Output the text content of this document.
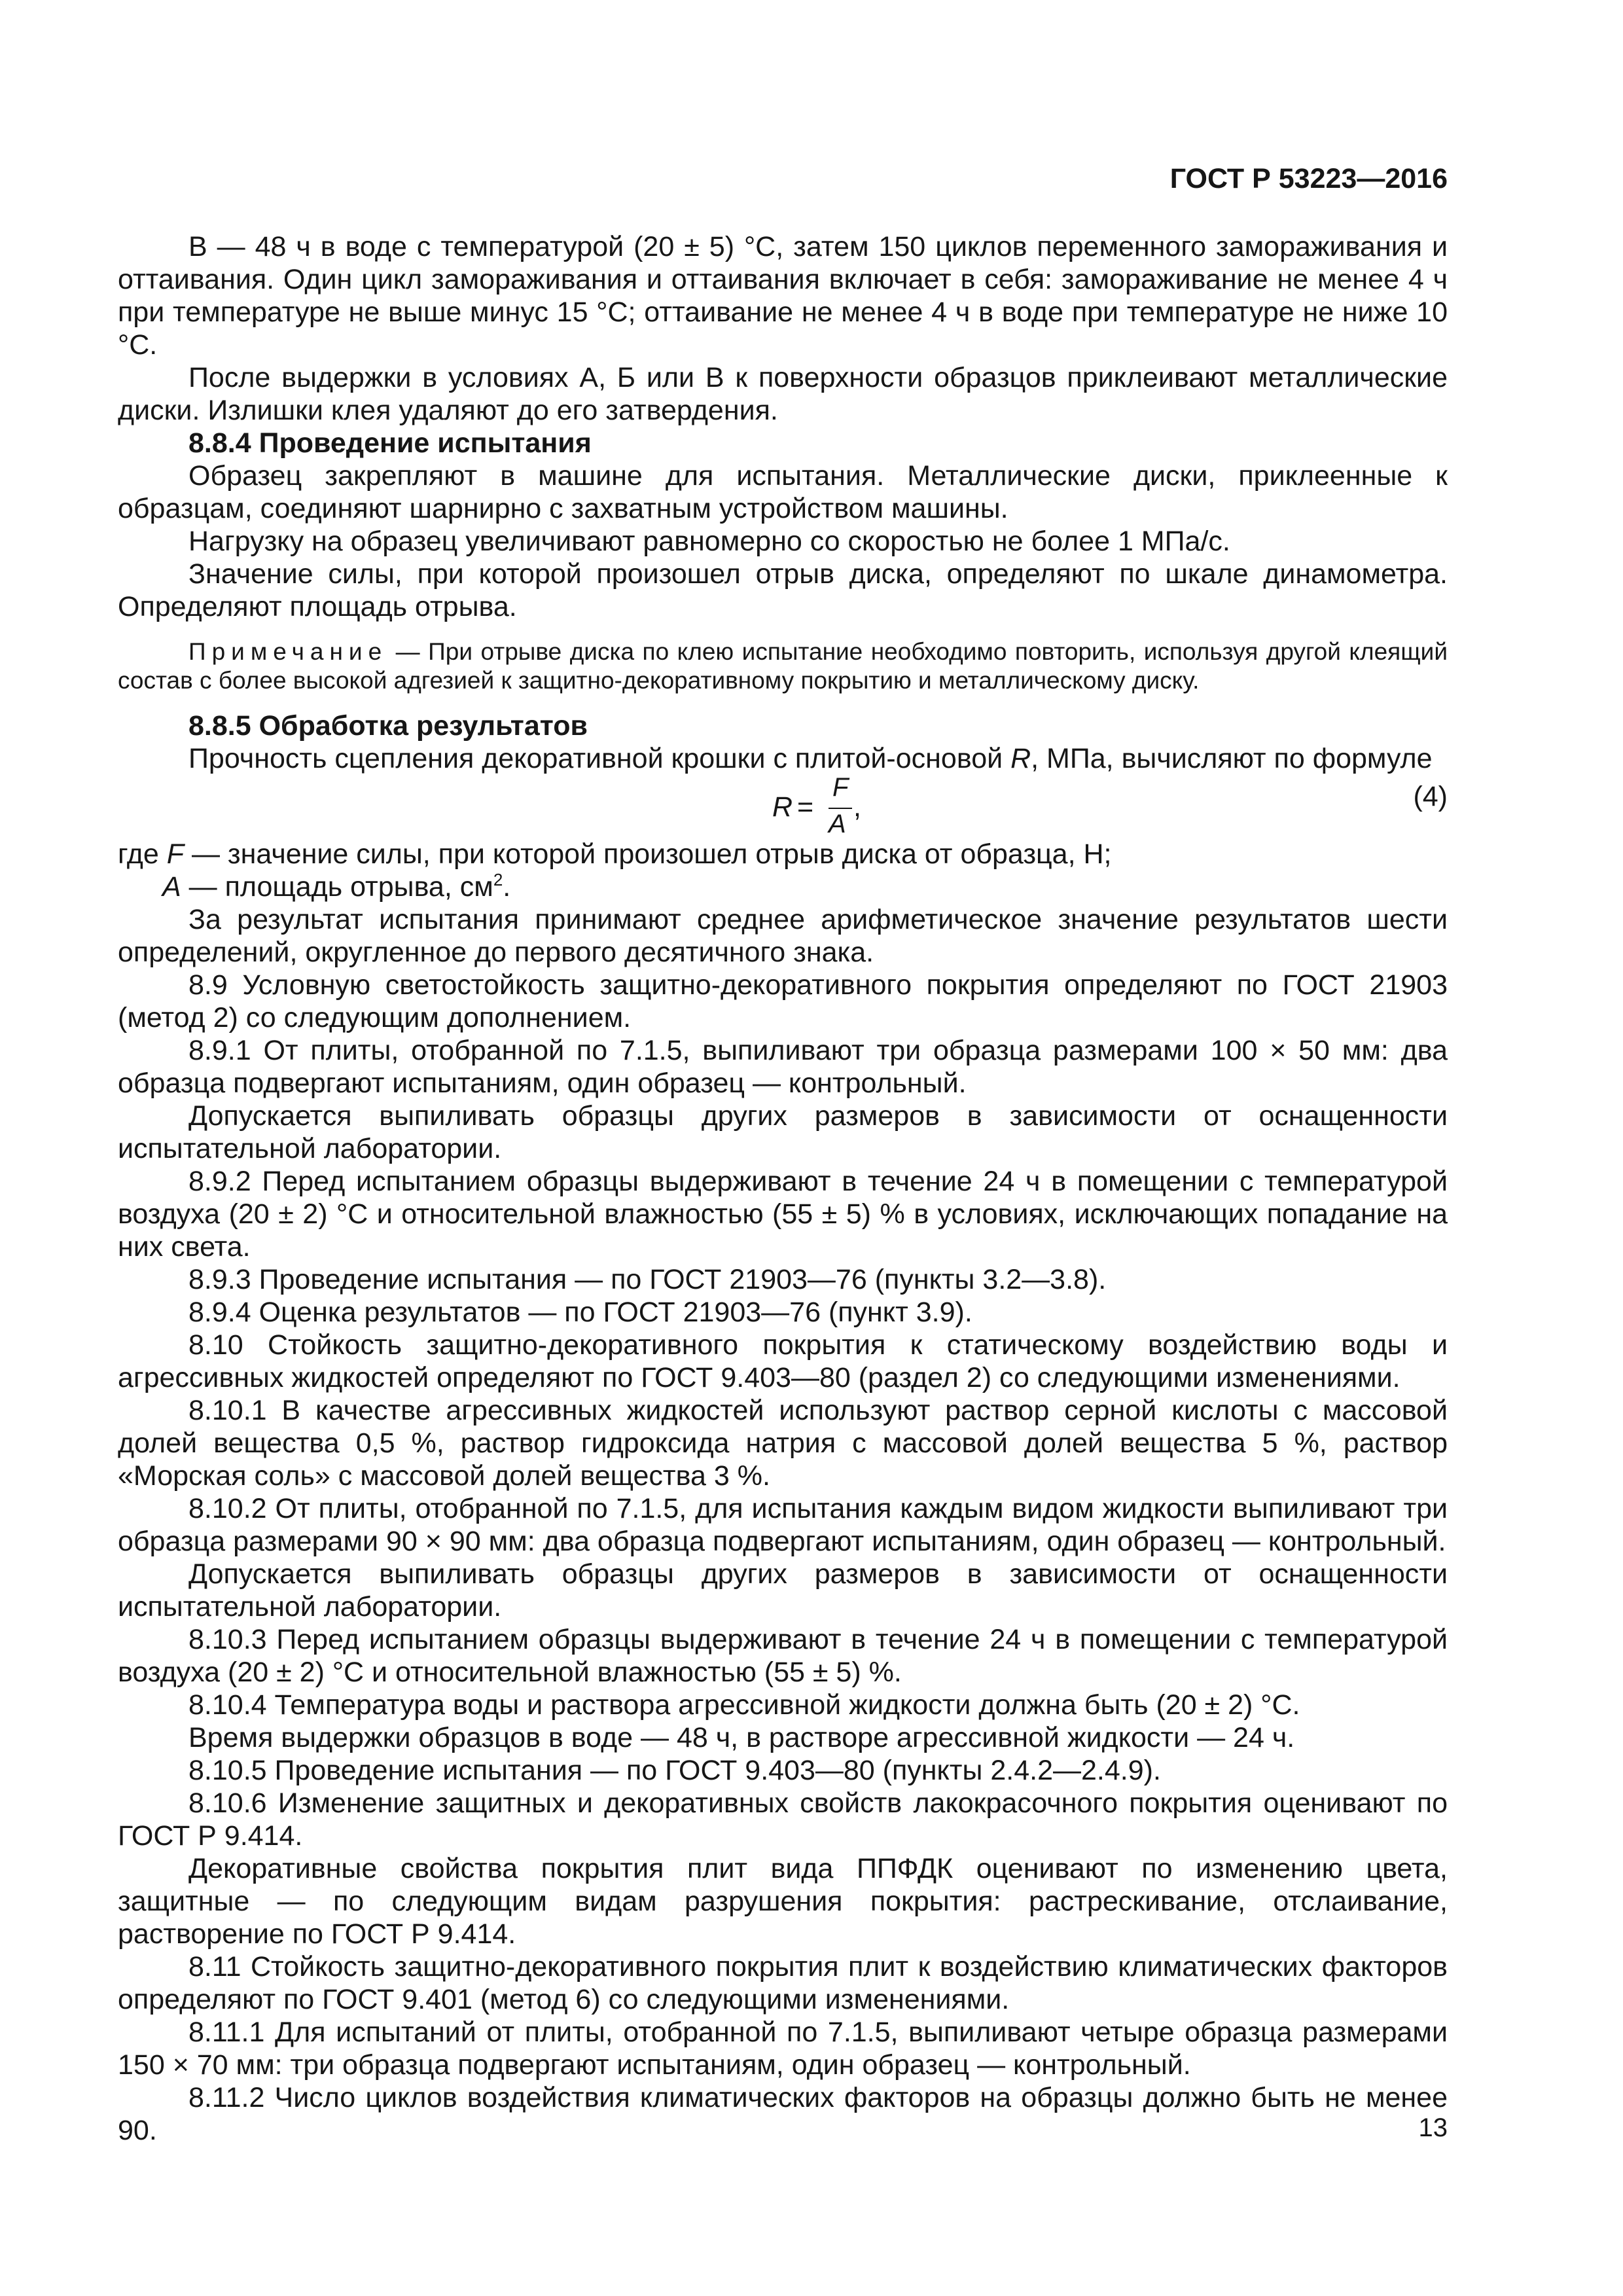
ГОСТ Р 53223—2016
В — 48 ч в воде с температурой (20 ± 5) °С, затем 150 циклов переменного замораживания и оттаивания. Один цикл замораживания и оттаивания включает в себя: замораживание не менее 4 ч при температуре не выше минус 15 °С; оттаивание не менее 4 ч в воде при температуре не ниже 10 °С.
После выдержки в условиях А, Б или В к поверхности образцов приклеивают металлические диски. Излишки клея удаляют до его затвердения.
8.8.4 Проведение испытания
Образец закрепляют в машине для испытания. Металлические диски, приклеенные к образцам, соединяют шарнирно с захватным устройством машины.
Нагрузку на образец увеличивают равномерно со скоростью не более 1 МПа/с.
Значение силы, при которой произошел отрыв диска, определяют по шкале динамометра. Определяют площадь отрыва.
Примечание — При отрыве диска по клею испытание необходимо повторить, используя другой клеящий состав с более высокой адгезией к защитно-декоративному покрытию и металлическому диску.
8.8.5 Обработка результатов
Прочность сцепления декоративной крошки с плитой-основой R, МПа, вычисляют по формуле
R =
F
A
,	(4)
где F — значение силы, при которой произошел отрыв диска от образца, Н;
A — площадь отрыва, $см^2$.
За результат испытания принимают среднее арифметическое значение результатов шести определений, округленное до первого десятичного знака.
8.9 Условную светостойкость защитно-декоративного покрытия определяют по ГОСТ 21903 (метод 2) со следующим дополнением.
8.9.1 От плиты, отобранной по 7.1.5, выпиливают три образца размерами 100 × 50 мм: два образца подвергают испытаниям, один образец — контрольный.
Допускается выпиливать образцы других размеров в зависимости от оснащенности испытательной лаборатории.
8.9.2 Перед испытанием образцы выдерживают в течение 24 ч в помещении с температурой воздуха (20 ± 2) °С и относительной влажностью (55 ± 5) % в условиях, исключающих попадание на них света.
8.9.3 Проведение испытания — по ГОСТ 21903—76 (пункты 3.2—3.8).
8.9.4 Оценка результатов — по ГОСТ 21903—76 (пункт 3.9).
8.10 Стойкость защитно-декоративного покрытия к статическому воздействию воды и агрессивных жидкостей определяют по ГОСТ 9.403—80 (раздел 2) со следующими изменениями.
8.10.1 В качестве агрессивных жидкостей используют раствор серной кислоты с массовой долей вещества 0,5 %, раствор гидроксида натрия с массовой долей вещества 5 %, раствор «Морская соль» с массовой долей вещества 3 %.
8.10.2 От плиты, отобранной по 7.1.5, для испытания каждым видом жидкости выпиливают три образца размерами 90 × 90 мм: два образца подвергают испытаниям, один образец — контрольный.
Допускается выпиливать образцы других размеров в зависимости от оснащенности испытательной лаборатории.
8.10.3 Перед испытанием образцы выдерживают в течение 24 ч в помещении с температурой воздуха (20 ± 2) °С и относительной влажностью (55 ± 5) %.
8.10.4 Температура воды и раствора агрессивной жидкости должна быть (20 ± 2) °С.
Время выдержки образцов в воде — 48 ч, в растворе агрессивной жидкости — 24 ч.
8.10.5 Проведение испытания — по ГОСТ 9.403—80 (пункты 2.4.2—2.4.9).
8.10.6 Изменение защитных и декоративных свойств лакокрасочного покрытия оценивают по ГОСТ Р 9.414.
Декоративные свойства покрытия плит вида ППФДК оценивают по изменению цвета, защитные — по следующим видам разрушения покрытия: растрескивание, отслаивание, растворение по ГОСТ Р 9.414.
8.11 Стойкость защитно-декоративного покрытия плит к воздействию климатических факторов определяют по ГОСТ 9.401 (метод 6) со следующими изменениями.
8.11.1 Для испытаний от плиты, отобранной по 7.1.5, выпиливают четыре образца размерами 150 × 70 мм: три образца подвергают испытаниям, один образец — контрольный.
8.11.2 Число циклов воздействия климатических факторов на образцы должно быть не менее 90.	13
